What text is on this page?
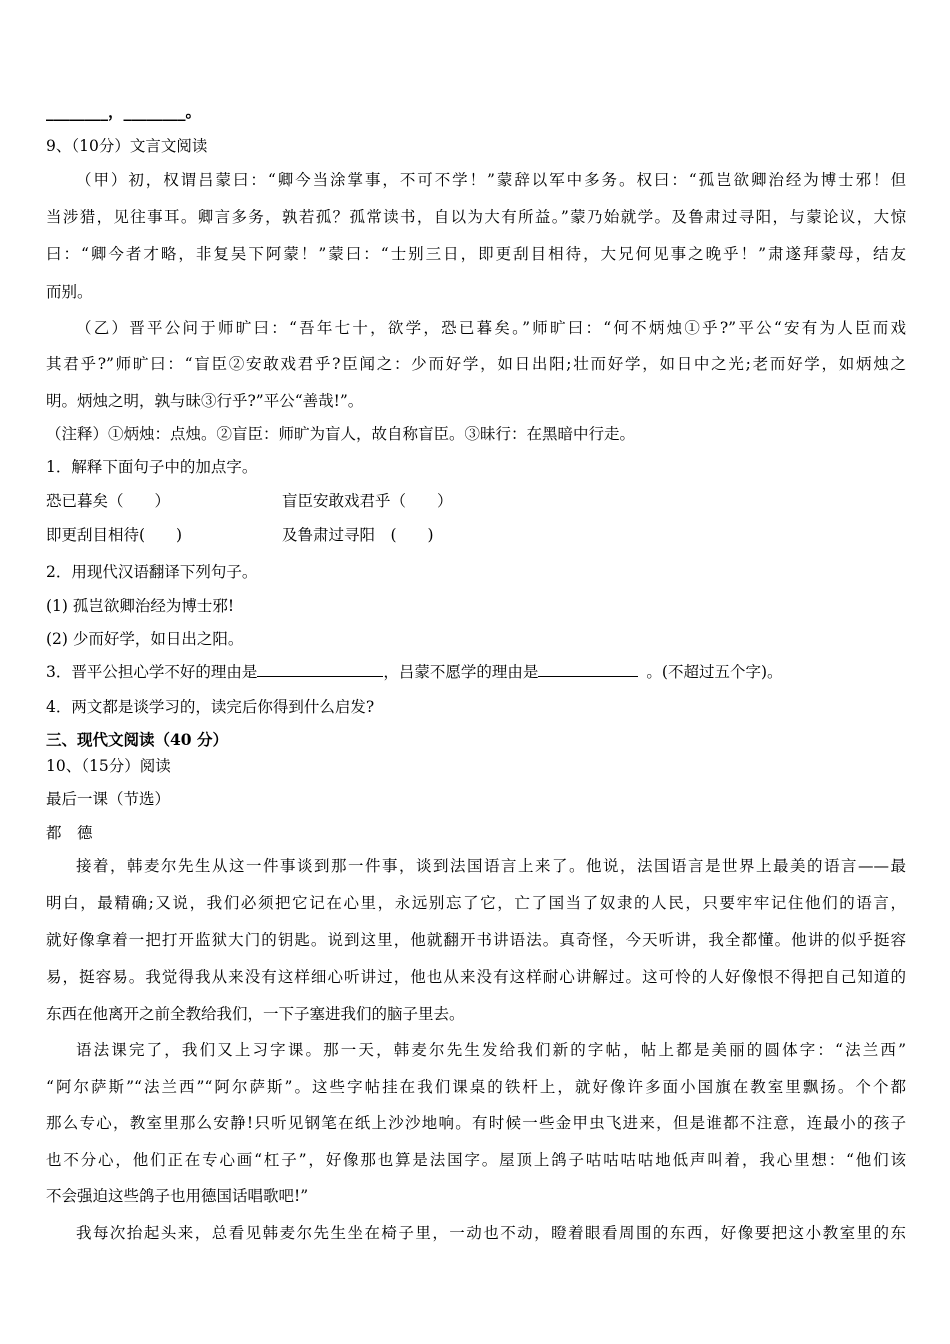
________，________。
9、（10分）文言文阅读
（甲）初，权谓吕蒙曰：“卿今当涂掌事，不可不学！”蒙辞以军中多务。权曰：“孤岂欲卿治经为博士邪！但
当涉猎，见往事耳。卿言多务，孰若孤？孤常读书，自以为大有所益。”蒙乃始就学。及鲁肃过寻阳，与蒙论议，大惊
曰：“卿今者才略，非复吴下阿蒙！”蒙曰：“士别三日，即更刮目相待，大兄何见事之晚乎！”肃遂拜蒙母，结友
而别。
（乙）晋平公问于师旷曰：“吾年七十，欲学，恐已暮矣。”师旷曰：“何不炳烛①乎?”平公“安有为人臣而戏
其君乎?”师旷曰：“盲臣②安敢戏君乎?臣闻之：少而好学，如日出阳;壮而好学，如日中之光;老而好学，如炳烛之
明。炳烛之明，孰与昧③行乎?”平公“善哉!”。
（注释）①炳烛：点烛。②盲臣：师旷为盲人，故自称盲臣。③昧行：在黑暗中行走。
1．解释下面句子中的加点字。
恐已暮矣（　　）	盲臣安敢戏君乎（　　）
即更刮目相待(　　)	及鲁肃过寻阳　(　　)
2．用现代汉语翻译下列句子。
(1) 孤岂欲卿治经为博士邪!
(2) 少而好学，如日出之阳。
3．晋平公担心学不好的理由是	，吕蒙不愿学的理由是	。(不超过五个字)。
4．两文都是谈学习的，读完后你得到什么启发?
三、现代文阅读（40 分）
10、（15分）阅读
最后一课（节选）
都　德
接着，韩麦尔先生从这一件事谈到那一件事，谈到法国语言上来了。他说，法国语言是世界上最美的语言——最
明白，最精确;又说，我们必须把它记在心里，永远别忘了它，亡了国当了奴隶的人民，只要牢牢记住他们的语言，
就好像拿着一把打开监狱大门的钥匙。说到这里，他就翻开书讲语法。真奇怪，今天听讲，我全都懂。他讲的似乎挺容
易，挺容易。我觉得我从来没有这样细心听讲过，他也从来没有这样耐心讲解过。这可怜的人好像恨不得把自己知道的
东西在他离开之前全教给我们，一下子塞进我们的脑子里去。
语法课完了，我们又上习字课。那一天，韩麦尔先生发给我们新的字帖，帖上都是美丽的圆体字：“法兰西”
“阿尔萨斯”“法兰西”“阿尔萨斯”。这些字帖挂在我们课桌的铁杆上，就好像许多面小国旗在教室里飘扬。个个都
那么专心，教室里那么安静!只听见钢笔在纸上沙沙地响。有时候一些金甲虫飞进来，但是谁都不注意，连最小的孩子
也不分心，他们正在专心画“杠子”，好像那也算是法国字。屋顶上鸽子咕咕咕咕地低声叫着，我心里想：“他们该
不会强迫这些鸽子也用德国话唱歌吧!”
我每次抬起头来，总看见韩麦尔先生坐在椅子里，一动也不动，瞪着眼看周围的东西，好像要把这小教室里的东
